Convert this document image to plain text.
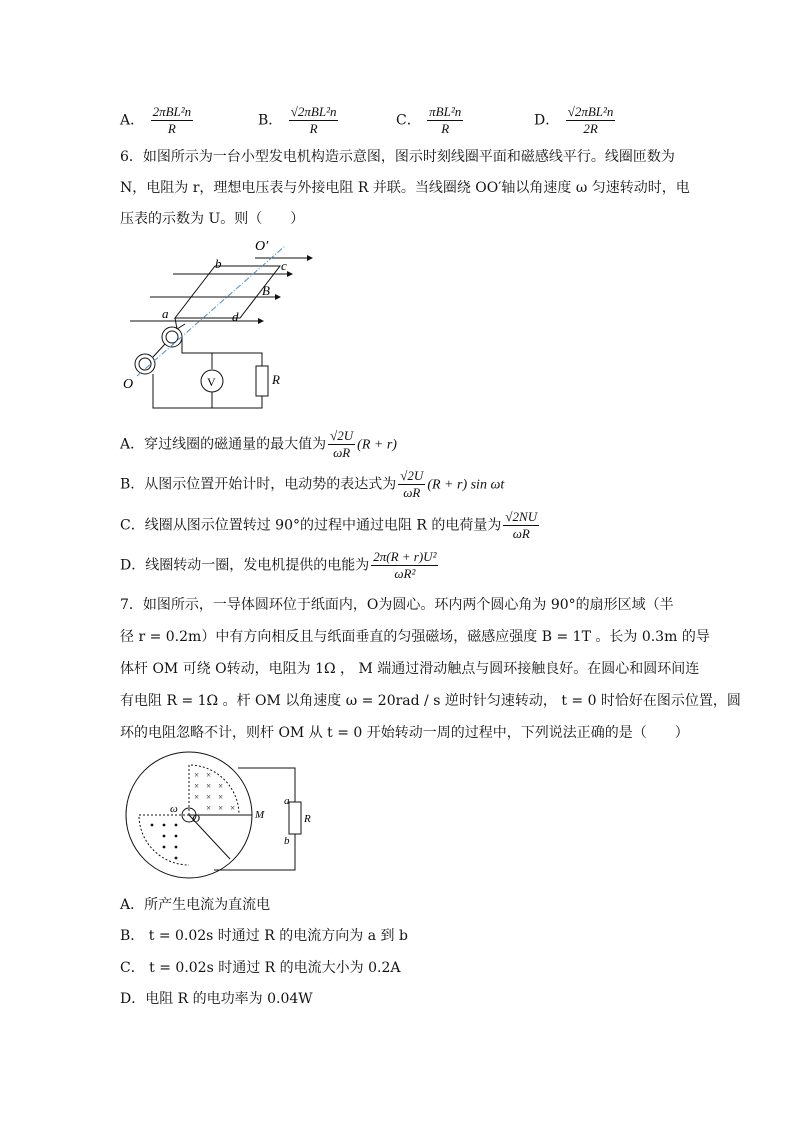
A． $\frac{\text{2πBL²n}}{R}$	B． $\frac{\text{√2πBL²n}}{R}$	C． $\frac{\text{πBL²n}}{R}$	D． $\frac{\text{√2πBL²n}}{2R}$
6．如图所示为一台小型发电机构造示意图，图示时刻线圈平面和磁感线平行。线圈匝数为
N，电阻为 r，理想电压表与外接电阻 R 并联。当线圈绕 OO′轴以角速度 ω 匀速转动时，电
压表的示数为 U。则（　　）
O′
O
b	c
B
a	d
V	R
A．穿过线圈的磁通量的最大值为 $\frac{√2U}{\omega R} (R + r)$
B．从图示位置开始计时，电动势的表达式为 $\frac{√2U}{\omega R} (R + r)$ sin ωt
C．线圈从图示位置转过 90°的过程中通过电阻 R 的电荷量为 $\frac{√2NU}{\omega R}$
D．线圈转动一圈，发电机提供的电能为 $\frac{\text{2π(R + r)U²}}{\text{ωR²}}$
7．如图所示，一导体圆环位于纸面内，O为圆心。环内两个圆心角为 90°的扇形区域（半
径 r = 0.2m）中有方向相反且与纸面垂直的匀强磁场，磁感应强度 B = 1T 。长为 0.3m 的导
体杆 OM 可绕 O转动，电阻为 1Ω ， M 端通过滑动触点与圆环接触良好。在圆心和圆环间连
有电阻 R = 1Ω 。杆 OM 以角速度 ω = 20rad / s 逆时针匀速转动， t = 0 时恰好在图示位置，圆
环的电阻忽略不计，则杆 OM 从 t = 0 开始转动一周的过程中，下列说法正确的是（　　）
× ×
× × ×
× × ×
× × ×
ω
O	M
a
b
R
A．所产生电流为直流电
B． t = 0.02s 时通过 R 的电流方向为 a 到 b
C． t = 0.02s 时通过 R 的电流大小为 0.2A
D．电阻 R 的电功率为 0.04W
